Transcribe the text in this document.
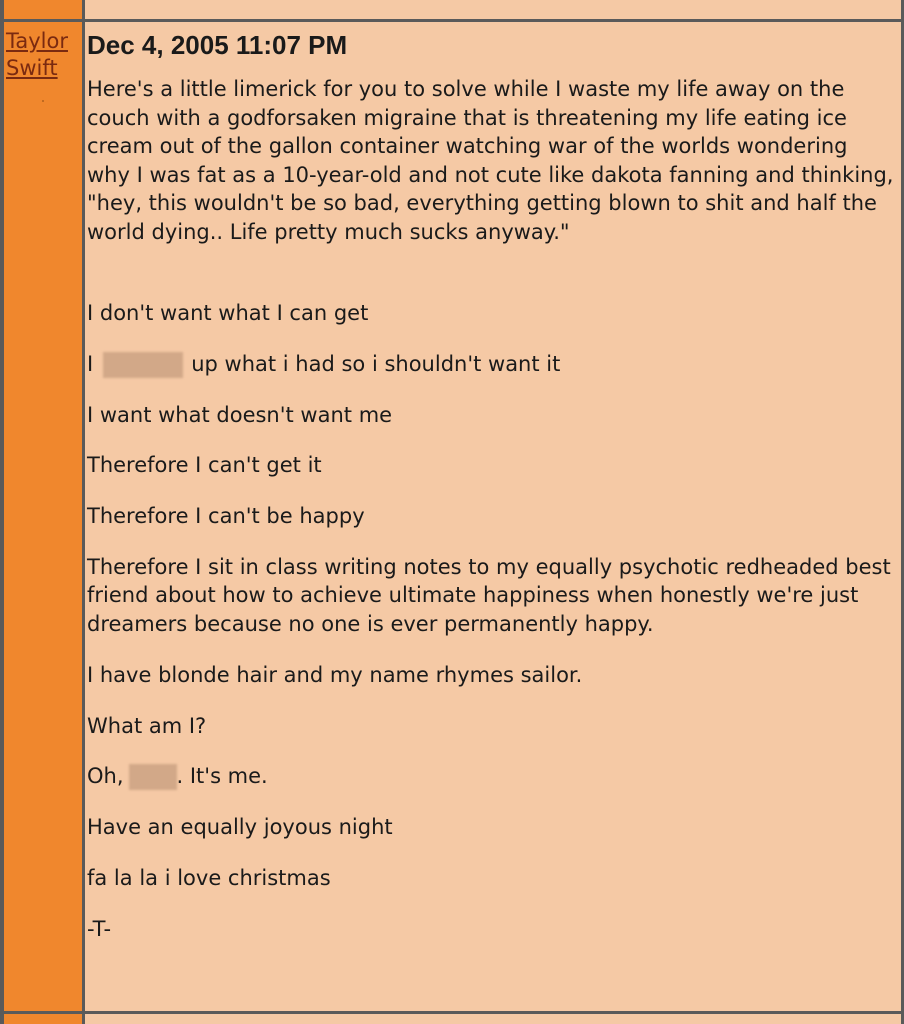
Taylor
Swift
Dec 4, 2005 11:07 PM
Here's a little limerick for you to solve while I waste my life away on the couch with a godforsaken migraine that is threatening my life eating ice cream out of the gallon container watching war of the worlds wondering why I was fat as a 10-year-old and not cute like dakota fanning and thinking, "hey, this wouldn't be so bad, everything getting blown to shit and half the world dying.. Life pretty much sucks anyway."
I don't want what I can get
I	up what i had so i shouldn't want it
I want what doesn't want me
Therefore I can't get it
Therefore I can't be happy
Therefore I sit in class writing notes to my equally psychotic redheaded best friend about how to achieve ultimate happiness when honestly we're just dreamers because no one is ever permanently happy.
I have blonde hair and my name rhymes sailor.
What am I?
Oh,	. It's me.
Have an equally joyous night
fa la la i love christmas
-T-
